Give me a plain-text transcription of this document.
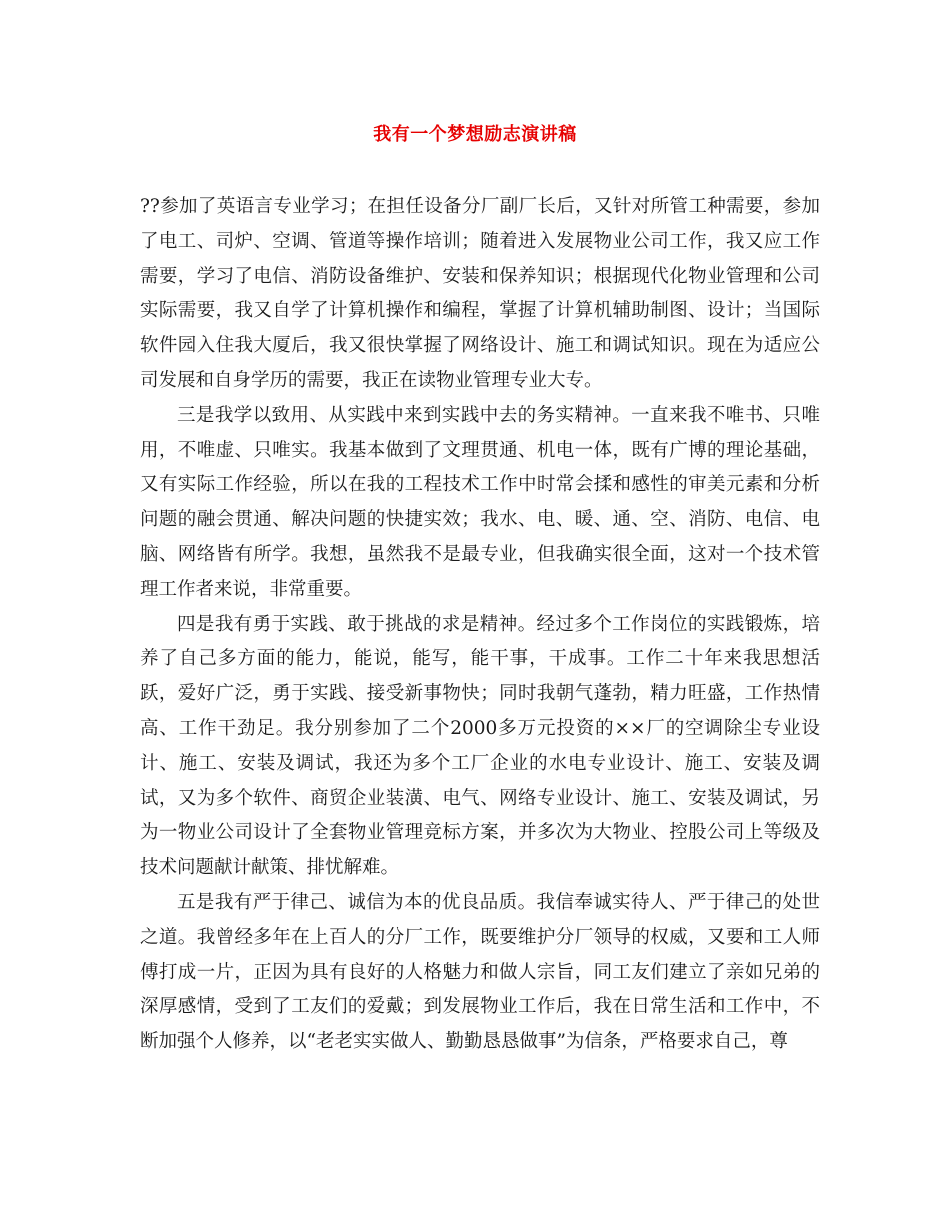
我有一个梦想励志演讲稿

??参加了英语言专业学习；在担任设备分厂副厂长后，又针对所管工种需要，参加了电工、司炉、空调、管道等操作培训；随着进入发展物业公司工作，我又应工作需要，学习了电信、消防设备维护、安装和保养知识；根据现代化物业管理和公司实际需要，我又自学了计算机操作和编程，掌握了计算机辅助制图、设计；当国际软件园入住我大厦后，我又很快掌握了网络设计、施工和调试知识。现在为适应公司发展和自身学历的需要，我正在读物业管理专业大专。

三是我学以致用、从实践中来到实践中去的务实精神。一直来我不唯书、只唯用，不唯虚、只唯实。我基本做到了文理贯通、机电一体，既有广博的理论基础，又有实际工作经验，所以在我的工程技术工作中时常会揉和感性的审美元素和分析问题的融会贯通、解决问题的快捷实效；我水、电、暖、通、空、消防、电信、电脑、网络皆有所学。我想，虽然我不是最专业，但我确实很全面，这对一个技术管理工作者来说，非常重要。

四是我有勇于实践、敢于挑战的求是精神。经过多个工作岗位的实践锻炼，培养了自己多方面的能力，能说，能写，能干事，干成事。工作二十年来我思想活跃，爱好广泛，勇于实践、接受新事物快；同时我朝气蓬勃，精力旺盛，工作热情高、工作干劲足。我分别参加了二个2000多万元投资的××厂的空调除尘专业设计、施工、安装及调试，我还为多个工厂企业的水电专业设计、施工、安装及调试，又为多个软件、商贸企业装潢、电气、网络专业设计、施工、安装及调试，另为一物业公司设计了全套物业管理竞标方案，并多次为大物业、控股公司上等级及技术问题献计献策、排忧解难。

五是我有严于律己、诚信为本的优良品质。我信奉诚实待人、严于律己的处世之道。我曾经多年在上百人的分厂工作，既要维护分厂领导的权威，又要和工人师傅打成一片，正因为具有良好的人格魅力和做人宗旨，同工友们建立了亲如兄弟的深厚感情，受到了工友们的爱戴；到发展物业工作后，我在日常生活和工作中，不断加强个人修养，以“老老实实做人、勤勤恳恳做事”为信条，严格要求自己，尊
